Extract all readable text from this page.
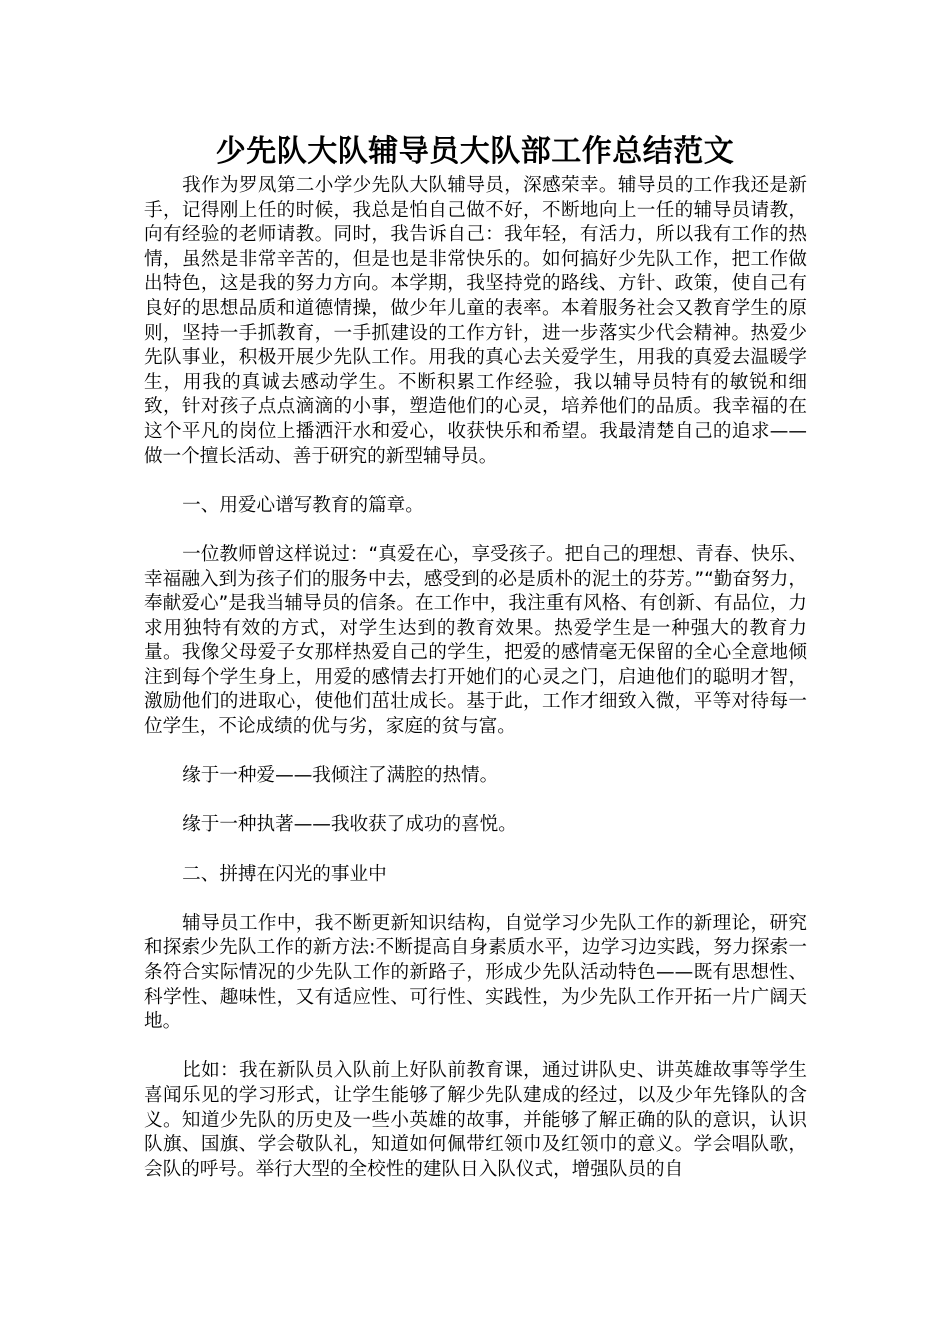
少先队大队辅导员大队部工作总结范文

我作为罗凤第二小学少先队大队辅导员，深感荣幸。辅导员的工作我还是新手，记得刚上任的时候，我总是怕自己做不好，不断地向上一任的辅导员请教，向有经验的老师请教。同时，我告诉自己：我年轻，有活力，所以我有工作的热情，虽然是非常辛苦的，但是也是非常快乐的。如何搞好少先队工作，把工作做出特色，这是我的努力方向。本学期，我坚持党的路线、方针、政策，使自己有良好的思想品质和道德情操，做少年儿童的表率。本着服务社会又教育学生的原则，坚持一手抓教育，一手抓建设的工作方针，进一步落实少代会精神。热爱少先队事业，积极开展少先队工作。用我的真心去关爱学生，用我的真爱去温暖学生，用我的真诚去感动学生。不断积累工作经验，我以辅导员特有的敏锐和细致，针对孩子点点滴滴的小事，塑造他们的心灵，培养他们的品质。我幸福的在这个平凡的岗位上播洒汗水和爱心，收获快乐和希望。我最清楚自己的追求——做一个擅长活动、善于研究的新型辅导员。

一、用爱心谱写教育的篇章。

一位教师曾这样说过：“真爱在心，享受孩子。把自己的理想、青春、快乐、幸福融入到为孩子们的服务中去，感受到的必是质朴的泥土的芬芳。”“勤奋努力，奉献爱心”是我当辅导员的信条。在工作中，我注重有风格、有创新、有品位，力求用独特有效的方式，对学生达到的教育效果。热爱学生是一种强大的教育力量。我像父母爱子女那样热爱自己的学生，把爱的感情毫无保留的全心全意地倾注到每个学生身上，用爱的感情去打开她们的心灵之门，启迪他们的聪明才智，激励他们的进取心，使他们茁壮成长。基于此，工作才细致入微，平等对待每一位学生，不论成绩的优与劣，家庭的贫与富。

缘于一种爱——我倾注了满腔的热情。

缘于一种执著——我收获了成功的喜悦。

二、拼搏在闪光的事业中

辅导员工作中，我不断更新知识结构，自觉学习少先队工作的新理论，研究和探索少先队工作的新方法:不断提高自身素质水平，边学习边实践，努力探索一条符合实际情况的少先队工作的新路子，形成少先队活动特色——既有思想性、科学性、趣味性，又有适应性、可行性、实践性，为少先队工作开拓一片广阔天地。

比如：我在新队员入队前上好队前教育课，通过讲队史、讲英雄故事等学生喜闻乐见的学习形式，让学生能够了解少先队建成的经过，以及少年先锋队的含义。知道少先队的历史及一些小英雄的故事，并能够了解正确的队的意识，认识队旗、国旗、学会敬队礼，知道如何佩带红领巾及红领巾的意义。学会唱队歌，会队的呼号。举行大型的全校性的建队日入队仪式，增强队员的自
